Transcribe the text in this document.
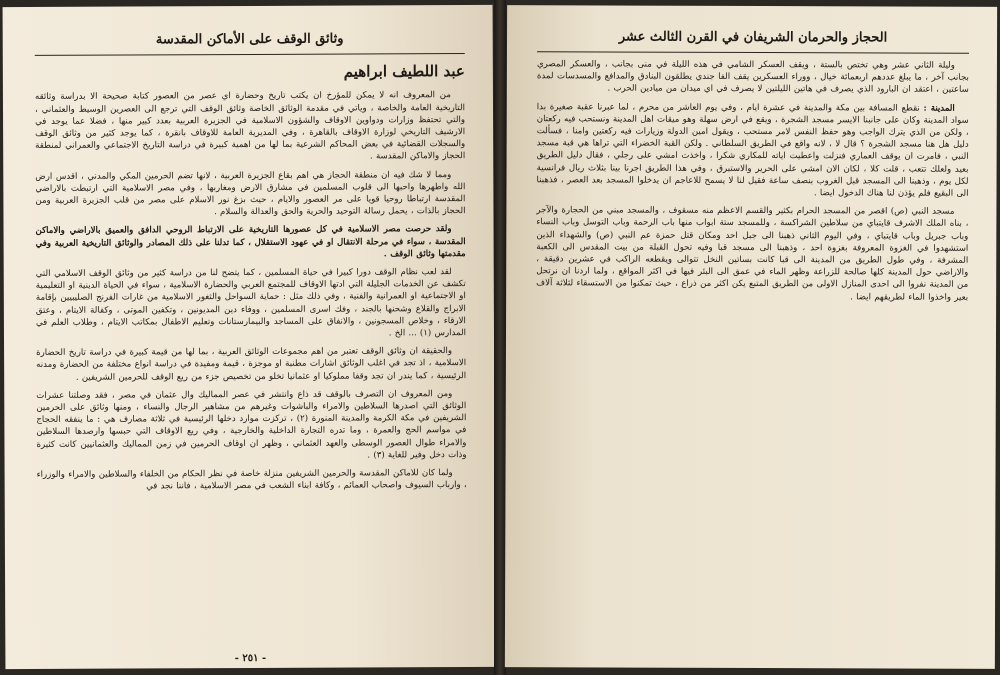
وثائق الوقف على الأماكن المقدسة
عبد اللطيف ابراهيم

من المعروف انه لا يمكن للمؤرخ ان يكتب تاريخ وحضارة اي عصر من العصور كتابة صحيحة الا بدراسة وثائقه التاريخية العامة والخاصة ، وياتي في مقدمة الوثائق الخاصة وثائق الوقف التي ترجع الى العصرين الوسيط والعثماني ، والتي تحتفظ وزارات ودواوين الاوقاف والشؤون الاسلامية في الجزيرة العربية بعدد كبير منها ، فضلا عما يوجد في الارشيف التاريخي لوزارة الاوقاف بالقاهرة ، وفي المديرية العامة للاوقاف بانقرة ، كما يوجد كثير من وثائق الوقف والسجلات القضائية في بعض المحاكم الشرعية بما لها من اهمية كبيرة في دراسة التاريخ الاجتماعي والعمراني لمنطقة الحجاز والاماكن المقدسة .

ومما لا شك فيه ان منطقة الحجاز هي اهم بقاع الجزيرة العربية ، لانها تضم الحرمين المكي والمدني ، اقدس ارض الله واطهرها واحبها الى قلوب المسلمين في مشارق الارض ومغاربها ، وفي مصر الاسلامية التي ارتبطت بالاراضي المقدسة ارتباطا روحيا قويا على مر العصور والايام ، حيث بزغ نور الاسلام على مصر من قلب الجزيرة العربية ومن الحجاز بالذات ، يحمل رسالة التوحيد والحرية والحق والعدالة والسلام .

ولقد حرصت مصر الاسلامية في كل عصورها التاريخية على الارتباط الروحي الدافق والعميق بالاراضي والاماكن المقدسة ، سواء في مرحلة الانتقال او في عهود الاستقلال ، كما تدلنا على ذلك المصادر والوثائق التاريخية العربية وفي مقدمتها وثائق الوقف .

لقد لعب نظام الوقف دورا كبيرا في حياة المسلمين ، كما يتضح لنا من دراسة كثير من وثائق الوقف الاسلامي التي تكشف عن الخدمات الجليلة التي ادتها الاوقاف للمجتمع العربي والحضارة الاسلامية ، سواء في الحياة الدينية او التعليمية او الاجتماعية او العمرانية والفنية ، وفي ذلك مثل : حماية السواحل والثغور الاسلامية من غارات الفرنج الصليبيين بإقامة الابراج والقلاع وشحنها بالجند ، وفك اسرى المسلمين ، ووفاء دين المديونين ، وتكفين الموتى ، وكفالة الايتام ، وعتق الارقاء ، وخلاص المسجونين ، والانفاق على المساجد والبيمارستانات وتعليم الاطفال بمكاتب الايتام ، وطلاب العلم في المدارس (١) ... الخ .

والحقيقة ان وثائق الوقف تعتبر من اهم مجموعات الوثائق العربية ، بما لها من قيمة كبيرة في دراسة تاريخ الحضارة الاسلامية ، اذ تجد في اغلب الوثائق اشارات مطنبة او موجزة ، قيمة ومفيدة في دراسة انواع مختلفة من الحضارة ومدنه الرئيسية ، كما يندر ان تجد وقفا مملوكيا او عثمانيا تخلو من تخصيص جزء من ريع الوقف للحرمين الشريفين .

ومن المعروف ان التصرف بالوقف قد ذاع وانتشر في عصر المماليك وال عثمان في مصر ، فقد وصلتنا عشرات الوثائق التي اصدرها السلاطين والامراء والباشوات وغيرهم من مشاهير الرجال والنساء ، ومنها وثائق على الحرمين الشريفين في مكة الكرمة والمدينة المنورة (٢) ، تركزت موارد دخلها الرئيسية في ثلاثة مصارف هي : ما ينفقه الحجاج في مواسم الحج والعمرة ، وما تدره التجارة الداخلية والخارجية ، وفي ريع الاوقاف التي حبسها وارصدها السلاطين والامراء طوال العصور الوسطى والعهد العثماني ، وظهر ان اوقاف الحرمين في زمن المماليك والعثمانيين كانت كثيرة وذات دخل وفير للغاية (٣) .

ولما كان للاماكن المقدسة والحرمين الشريفين منزلة خاصة في نظر الحكام من الخلفاء والسلاطين والامراء والوزراء ، وارباب السيوف واصحاب العمائم ، وكافة ابناء الشعب في مصر الاسلامية ، فاننا نجد في

- ٢٥١ -
الحجاز والحرمان الشريفان في القرن الثالث عشر

وليلة الثاني عشر وهي تختص بالستة ، ويقف العسكر الشامي في هذه الليلة في منى بجانب ، والعسكر المصري بجانب آخر ، ما يبلغ عددهم اربعمائة خيال ، ووراء العسكرين يقف الفا جندي يطلقون البنادق والمدافع والمسدسات لمدة ساعتين ، اعتقد ان البارود الذي يصرف في هاتين الليلتين لا يصرف في اي ميدان من ميادين الحرب .

المدينة : نقطع المسافة بين مكة والمدينة في عشرة ايام ، وفي يوم العاشر من محرم ، لما عبرنا عقبة صغيرة بدا سواد المدينة وكان على جانبنا الايسر مسجد الشجرة ، ويقع في ارض سهلة وهو ميقات اهل المدينة ونستحب فيه ركعتان ، ولكن من الذي يترك الواجب وهو حفظ النفس لامر مستحب ، ويقول امين الدولة وزيارات فيه ركعتين وامنا ، فسألت دليل هل هنا مسجد الشجرة ؟ قال لا ، لانه واقع في الطريق السلطاني . ولكن القبة الخضراء التي تراها هي قبة مسجد النبي ، فامرت ان يوقف العماري فنزلت واعطيت اياته للمكاري شكرا ، واخذت امشي على رجلي ، فقال دليل الطريق بعيد ولعلك تتعب ، قلت كلا ، لكان الان امشي على الحرير والاستبرق ، وفي هذا الطريق اجرنا بينا بثلاث ريال فرانسية لكل يوم ، وذهبنا الى المسجد قبل الغروب بنصف ساعة فقيل لنا لا يسمح للاعاجم ان يدخلوا المسجد بعد العصر ، فذهبنا الى البقيع فلم يؤذن لنا هناك الدخول ايضا .

مسجد النبي (ص) اقصر من المسجد الحرام بكثير والقسم الاعظم منه مسقوف ، والمسجد مبني من الحجارة والآجر ، بناه الملك الاشرف قايتباي من سلاطين الشراكسة ، وللمسجد ستة ابواب منها باب الرحمة وباب التوسل وباب النساء وباب جبريل وباب قايتباي ، وفي اليوم الثاني ذهبنا الى جبل احد ومكان قتل حمزة عم النبي (ص) والشهداء الذين استشهدوا في الغزوة المعروفة بغزوة احد ، وذهبنا الى مسجد قبا وفيه تحول القبلة من بيت المقدس الى الكعبة المشرفة ، وفي طول الطريق من المدينة الى قبا كانت بساتين النخل تتوالى ويقطعه الراكب في عشرين دقيقة ، والاراضي حول المدينة كلها صالحة للزراعة وظهر الماء في عمق الى البئر فيها في اكثر المواقع ، ولما اردنا ان نرتحل من المدينة نفروا الى احدى المنازل الاولى من الطريق المتبع يكن اكثر من ذراع ، حيث تمكنوا من الاستسقاء لثلاثة آلاف بعير واخذوا الماء لطريقهم ايضا .
